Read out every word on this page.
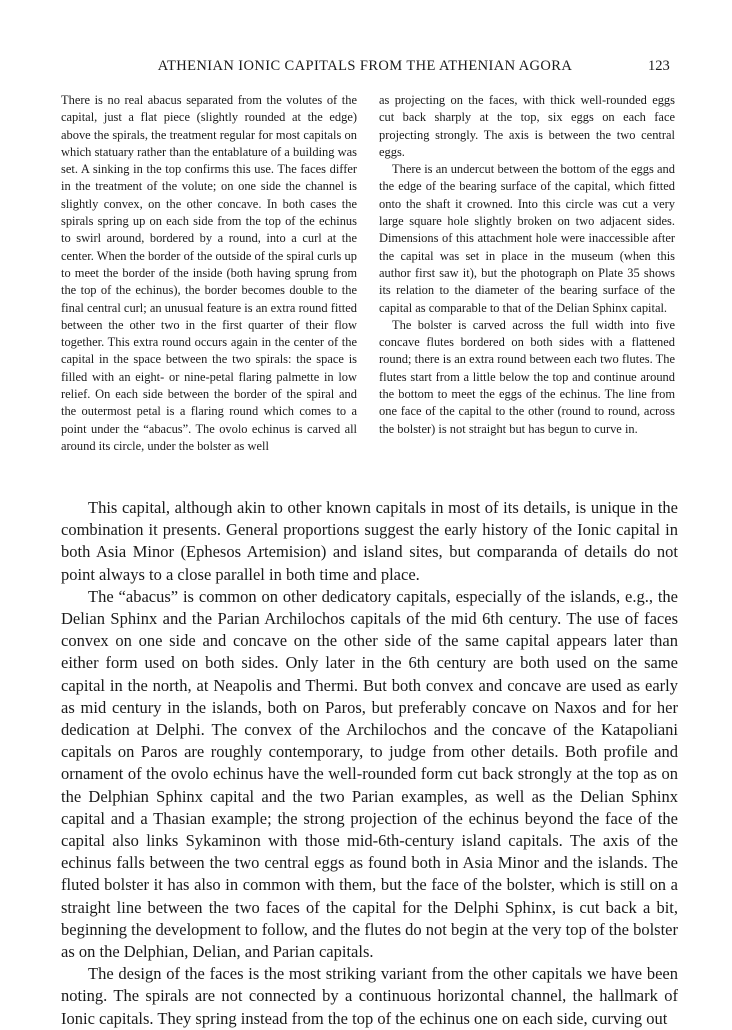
ATHENIAN IONIC CAPITALS FROM THE ATHENIAN AGORA	123

There is no real abacus separated from the volutes of the capital, just a flat piece (slightly rounded at the edge) above the spirals, the treatment regular for most capitals on which statuary rather than the entablature of a building was set. A sinking in the top confirms this use. The faces differ in the treatment of the volute; on one side the channel is slightly convex, on the other concave. In both cases the spirals spring up on each side from the top of the echinus to swirl around, bordered by a round, into a curl at the center. When the border of the outside of the spiral curls up to meet the border of the inside (both having sprung from the top of the echinus), the border becomes double to the final central curl; an unusual feature is an extra round fitted between the other two in the first quarter of their flow together. This extra round occurs again in the center of the capital in the space between the two spirals: the space is filled with an eight- or nine-petal flaring palmette in low relief. On each side between the border of the spiral and the outermost petal is a flaring round which comes to a point under the “abacus”. The ovolo echinus is carved all around its circle, under the bolster as well

as projecting on the faces, with thick well-rounded eggs cut back sharply at the top, six eggs on each face projecting strongly. The axis is between the two central eggs.

There is an undercut between the bottom of the eggs and the edge of the bearing surface of the capital, which fitted onto the shaft it crowned. Into this circle was cut a very large square hole slightly broken on two adjacent sides. Dimensions of this attachment hole were inaccessible after the capital was set in place in the museum (when this author first saw it), but the photograph on Plate 35 shows its relation to the diameter of the bearing surface of the capital as comparable to that of the Delian Sphinx capital.

The bolster is carved across the full width into five concave flutes bordered on both sides with a flattened round; there is an extra round between each two flutes. The flutes start from a little below the top and continue around the bottom to meet the eggs of the echinus. The line from one face of the capital to the other (round to round, across the bolster) is not straight but has begun to curve in.

This capital, although akin to other known capitals in most of its details, is unique in the combination it presents. General proportions suggest the early history of the Ionic capital in both Asia Minor (Ephesos Artemision) and island sites, but comparanda of details do not point always to a close parallel in both time and place.

The “abacus” is common on other dedicatory capitals, especially of the islands, e.g., the Delian Sphinx and the Parian Archilochos capitals of the mid 6th century. The use of faces convex on one side and concave on the other side of the same capital appears later than either form used on both sides. Only later in the 6th century are both used on the same capital in the north, at Neapolis and Thermi. But both convex and concave are used as early as mid century in the islands, both on Paros, but preferably concave on Naxos and for her dedication at Delphi. The convex of the Archilochos and the concave of the Katapoliani capitals on Paros are roughly contemporary, to judge from other details. Both profile and ornament of the ovolo echinus have the well-rounded form cut back strongly at the top as on the Delphian Sphinx capital and the two Parian examples, as well as the Delian Sphinx capital and a Thasian example; the strong projection of the echinus beyond the face of the capital also links Sykaminon with those mid-6th-century island capitals. The axis of the echinus falls between the two central eggs as found both in Asia Minor and the islands. The fluted bolster it has also in common with them, but the face of the bolster, which is still on a straight line between the two faces of the capital for the Delphi Sphinx, is cut back a bit, beginning the development to follow, and the flutes do not begin at the very top of the bolster as on the Delphian, Delian, and Parian capitals.

The design of the faces is the most striking variant from the other capitals we have been noting. The spirals are not connected by a continuous horizontal channel, the hallmark of Ionic capitals. They spring instead from the top of the echinus one on each side, curving out
